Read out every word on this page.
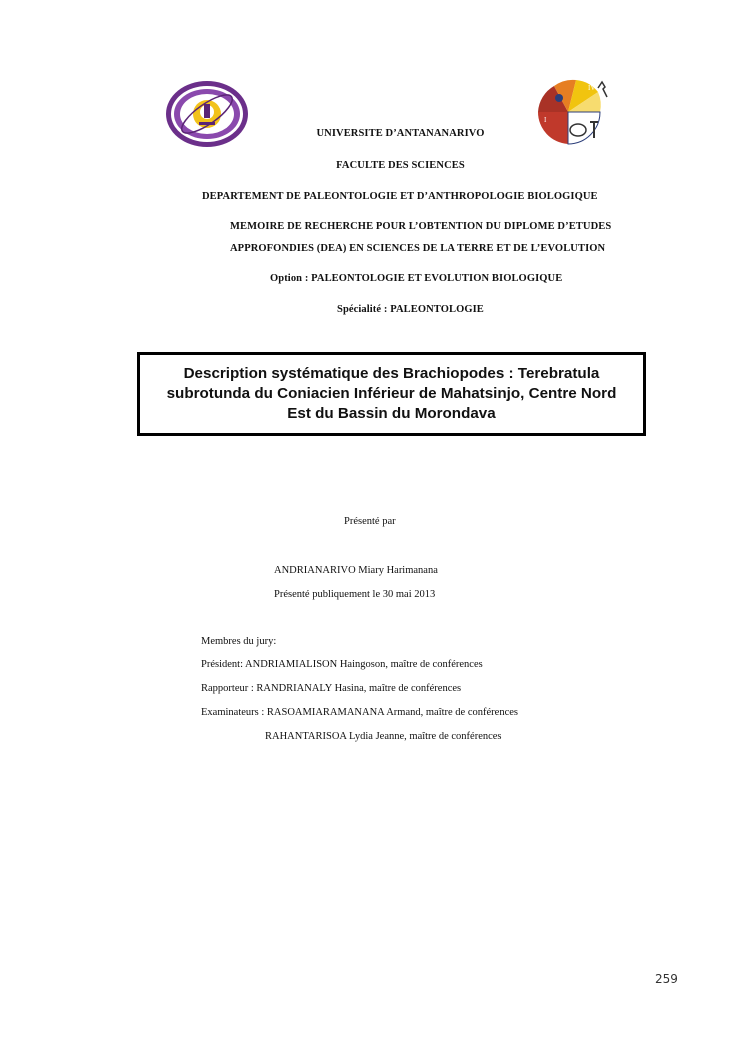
IV
I
UNIVERSITE D’ANTANANARIVO
FACULTE DES SCIENCES
DEPARTEMENT DE PALEONTOLOGIE ET D’ANTHROPOLOGIE BIOLOGIQUE
MEMOIRE DE RECHERCHE POUR L’OBTENTION DU DIPLOME D’ETUDES
APPROFONDIES (DEA) EN SCIENCES DE LA TERRE ET DE L’EVOLUTION
Option : PALEONTOLOGIE ET EVOLUTION BIOLOGIQUE
Spécialité : PALEONTOLOGIE
Description systématique des Brachiopodes : Terebratula
subrotunda du Coniacien Inférieur de Mahatsinjo, Centre Nord
Est du Bassin du Morondava
Présenté par
ANDRIANARIVO Miary Harimanana
Présenté publiquement le 30 mai 2013
Membres du jury:
Président: ANDRIAMIALISON Haingoson, maître de conférences
Rapporteur : RANDRIANALY Hasina, maître de conférences
Examinateurs : RASOAMIARAMANANA Armand, maître de conférences
RAHANTARISOA Lydia Jeanne, maître de conférences
259
